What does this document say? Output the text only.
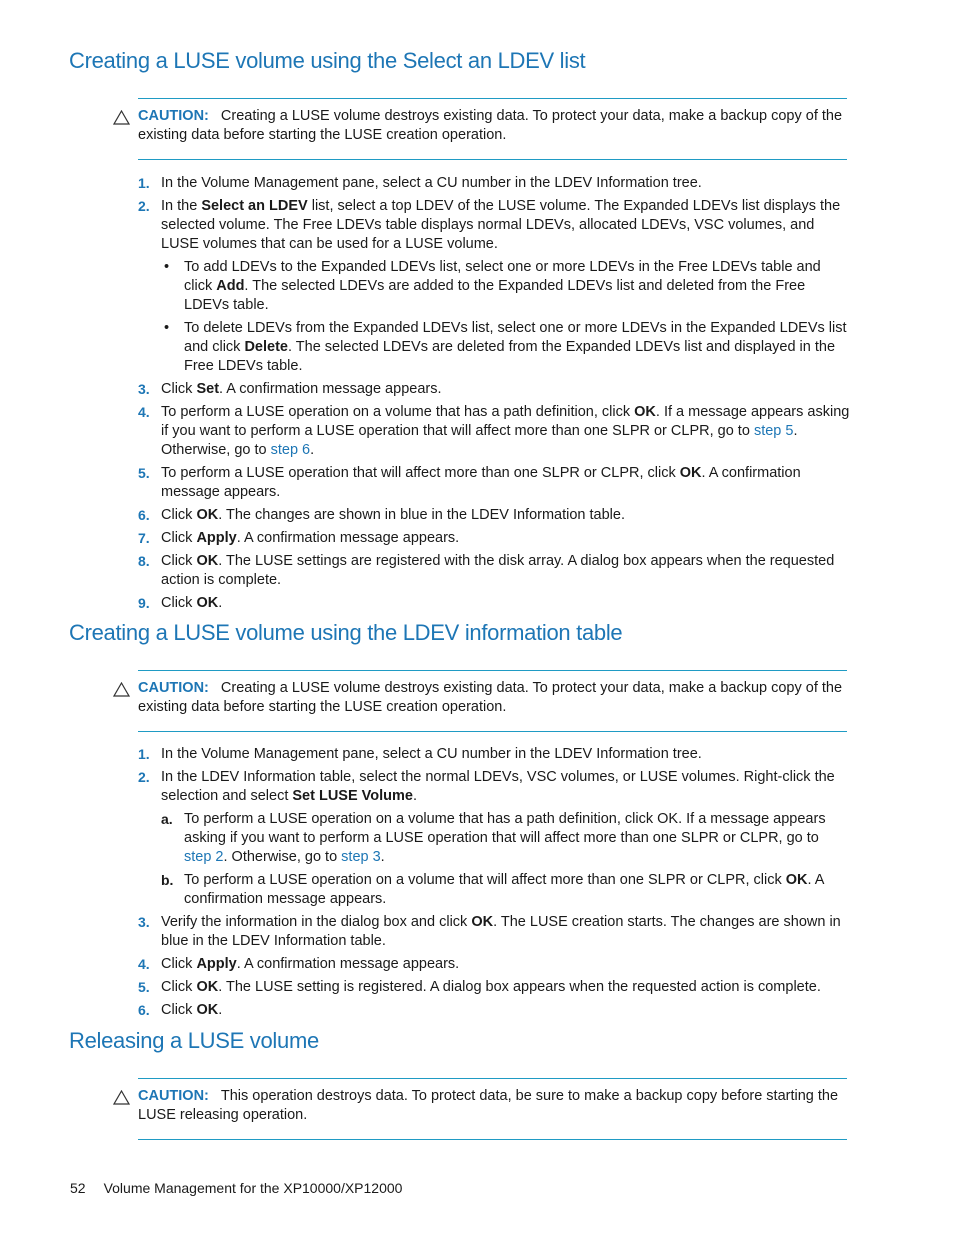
Creating a LUSE volume using the Select an LDEV list
CAUTION: Creating a LUSE volume destroys existing data. To protect your data, make a backup copy of the existing data before starting the LUSE creation operation.
1. In the Volume Management pane, select a CU number in the LDEV Information tree.
2. In the Select an LDEV list, select a top LDEV of the LUSE volume. The Expanded LDEVs list displays the selected volume. The Free LDEVs table displays normal LDEVs, allocated LDEVs, VSC volumes, and LUSE volumes that can be used for a LUSE volume.
• To add LDEVs to the Expanded LDEVs list, select one or more LDEVs in the Free LDEVs table and click Add. The selected LDEVs are added to the Expanded LDEVs list and deleted from the Free LDEVs table.
• To delete LDEVs from the Expanded LDEVs list, select one or more LDEVs in the Expanded LDEVs list and click Delete. The selected LDEVs are deleted from the Expanded LDEVs list and displayed in the Free LDEVs table.
3. Click Set. A confirmation message appears.
4. To perform a LUSE operation on a volume that has a path definition, click OK. If a message appears asking if you want to perform a LUSE operation that will affect more than one SLPR or CLPR, go to step 5. Otherwise, go to step 6.
5. To perform a LUSE operation that will affect more than one SLPR or CLPR, click OK. A confirmation message appears.
6. Click OK. The changes are shown in blue in the LDEV Information table.
7. Click Apply. A confirmation message appears.
8. Click OK. The LUSE settings are registered with the disk array. A dialog box appears when the requested action is complete.
9. Click OK.
Creating a LUSE volume using the LDEV information table
CAUTION: Creating a LUSE volume destroys existing data. To protect your data, make a backup copy of the existing data before starting the LUSE creation operation.
1. In the Volume Management pane, select a CU number in the LDEV Information tree.
2. In the LDEV Information table, select the normal LDEVs, VSC volumes, or LUSE volumes. Right-click the selection and select Set LUSE Volume.
a. To perform a LUSE operation on a volume that has a path definition, click OK. If a message appears asking if you want to perform a LUSE operation that will affect more than one SLPR or CLPR, go to step 2. Otherwise, go to step 3.
b. To perform a LUSE operation on a volume that will affect more than one SLPR or CLPR, click OK. A confirmation message appears.
3. Verify the information in the dialog box and click OK. The LUSE creation starts. The changes are shown in blue in the LDEV Information table.
4. Click Apply. A confirmation message appears.
5. Click OK. The LUSE setting is registered. A dialog box appears when the requested action is complete.
6. Click OK.
Releasing a LUSE volume
CAUTION: This operation destroys data. To protect data, be sure to make a backup copy before starting the LUSE releasing operation.
52 Volume Management for the XP10000/XP12000
